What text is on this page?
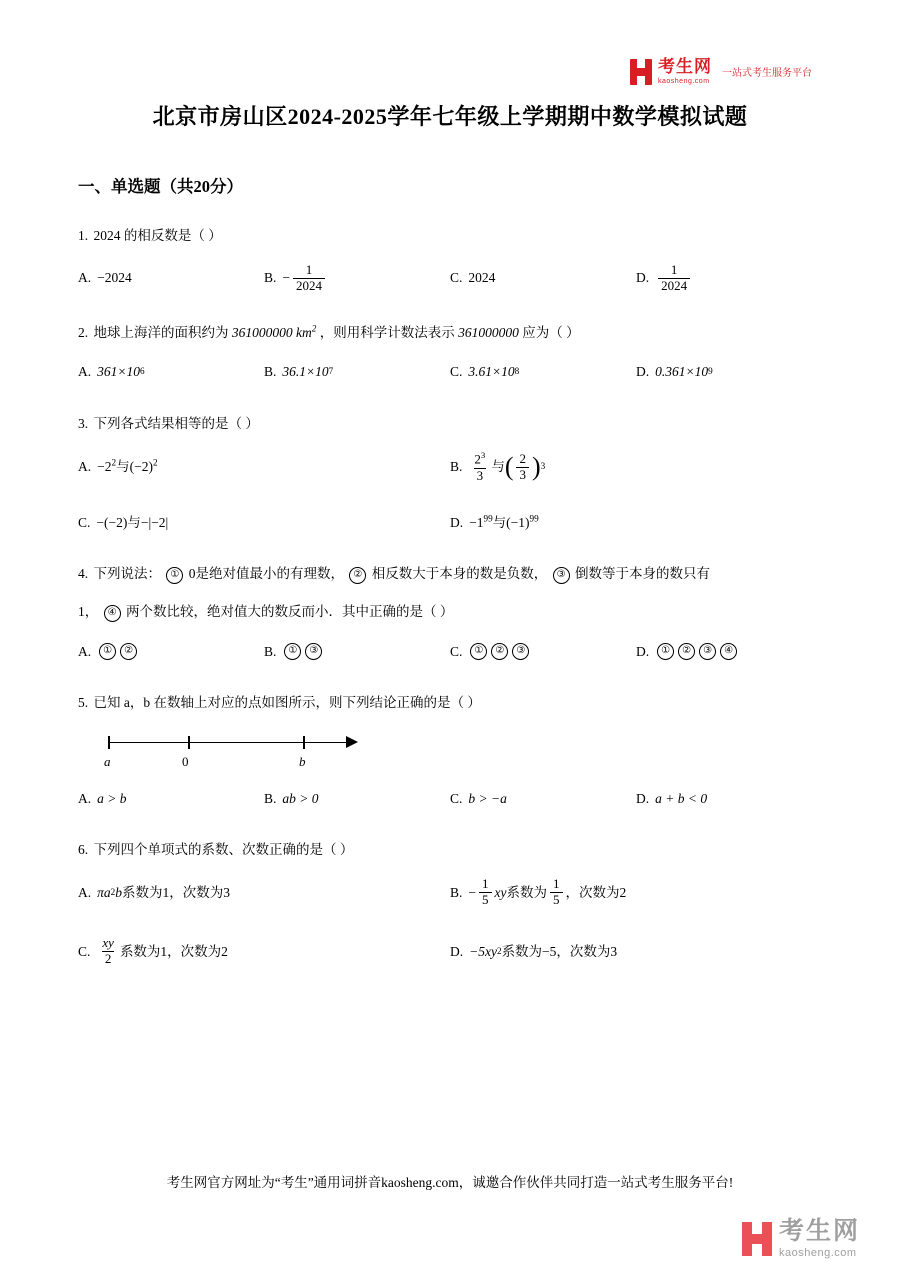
考生网
kaosheng.com
一站式考生服务平台
北京市房山区2024-2025学年七年级上学期期中数学模拟试题
一、单选题（共20分）
1. 2024 的相反数是（ ）
A. −2024	B. − $\frac{1}{2024}$	C. 2024	D. $\frac{1}{2024}$
2. 地球上海洋的面积约为 361000000 $km^2$ ，则用科学计数法表示 361000000 应为（ ）
A. 361×10 6	B. 36.1×10 7	C. 3.61×10 8	D. 0.361×10 9
3. 下列各式结果相等的是（ ）
A. $-2^2$ 与 $(-2)^2$	B. $\frac{2^3}{3}$ 与 ( $\frac{2}{3}$ ) 3
C. −(−2) 与 −|−2|	D. $-1^{99}$ 与 $(-1)^{99}$
4. 下列说法： ① 0是绝对值最小的有理数， ② 相反数大于本身的数是负数， ③ 倒数等于本身的数只有
1， ④ 两个数比较，绝对值大的数反而小．其中正确的是（ ）
A.	①	②	B.	①	③	C.	①	②	③	D.	①	②	③	④
5. 已知 a，b 在数轴上对应的点如图所示，则下列结论正确的是（ ）
a	0	b
A. a > b	B. ab > 0	C. b > −a	D. a + b < 0
6. 下列四个单项式的系数、次数正确的是（ ）
A. πa 2 b 系数为1，次数为3	B. − $\frac{1}{5}$ xy 系数为 $\frac{1}{5}$ ，次数为2
C. $\frac{xy}{2}$ 系数为1，次数为2	D. −5xy 2 系数为−5，次数为3
考生网官方网址为“考生”通用词拼音kaosheng.com，诚邀合作伙伴共同打造一站式考生服务平台!
考生网
kaosheng.com
